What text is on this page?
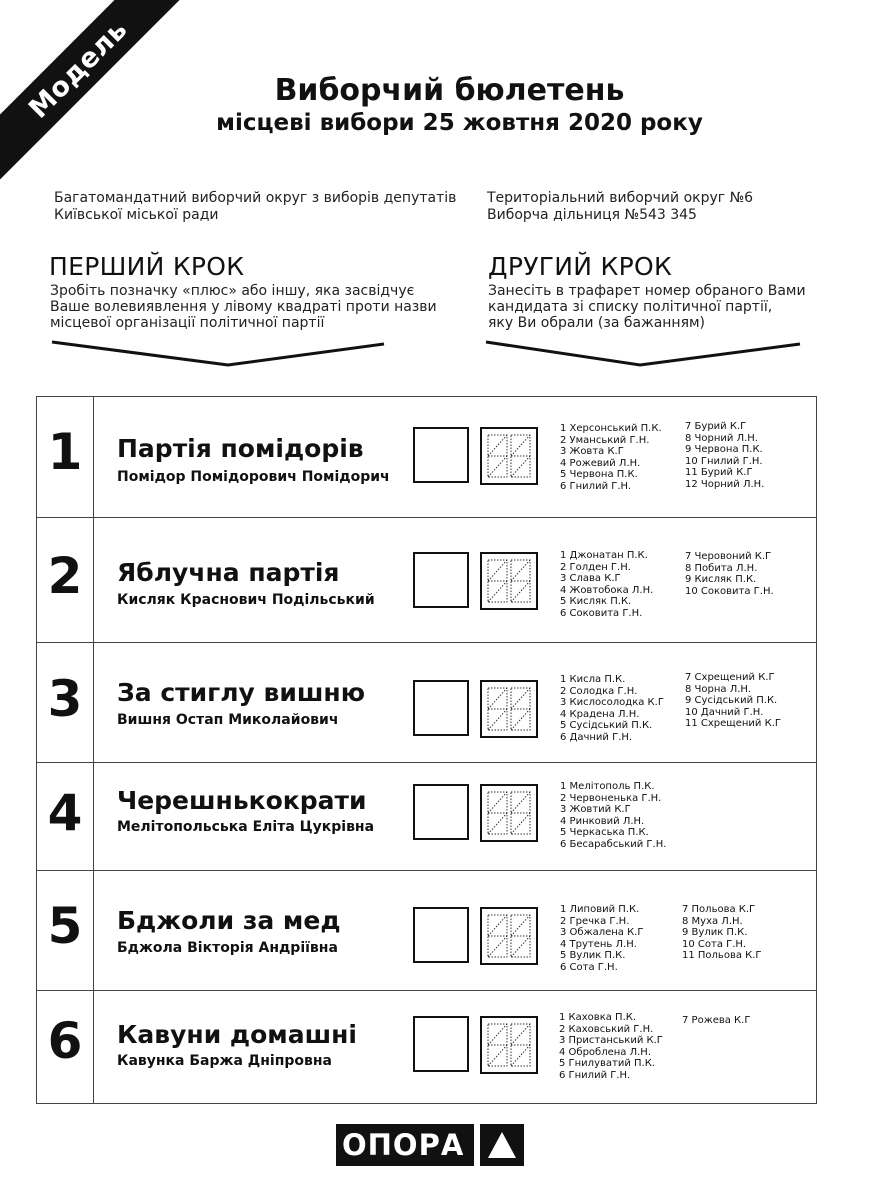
Модель	Виборчий бюлетень
місцеві вибори 25 жовтня 2020 року
Багатомандатний виборчий округ з виборів депутатів
Київської міської ради
Територіальний виборчий округ №6
Виборча дільниця №543 345
ПЕРШИЙ КРОК
Зробіть позначку «плюс» або іншу, яка засвідчує
Ваше волевиявлення у лівому квадраті проти назви
місцевої організації політичної партії
ДРУГИЙ КРОК
Занесіть в трафарет номер обраного Вами
кандидата зі списку політичної партії,
яку Ви обрали (за бажанням)
1	Партія помідорів
Помідор Помідорович Помідорич
1 Херсонський П.К.
2 Уманський Г.Н.
3 Жовта К.Г
4 Рожевий Л.Н.
5 Червона П.К.
6 Гнилий Г.Н.
7 Бурий К.Г
8 Чорний Л.Н.
9 Червона П.К.
10 Гнилий Г.Н.
11 Бурий К.Г
12 Чорний Л.Н.
2	Яблучна партія
Кисляк Краснович Подільський
1 Джонатан П.К.
2 Голден Г.Н.
3 Слава К.Г
4 Жовтобока Л.Н.
5 Кисляк П.К.
6 Соковита Г.Н.
7 Черовоний К.Г
8 Побита Л.Н.
9 Кисляк П.К.
10 Соковита Г.Н.
3	За стиглу вишню
Вишня Остап Миколайович
1 Кисла П.К.
2 Солодка Г.Н.
3 Кислосолодка К.Г
4 Крадена Л.Н.
5 Сусідський П.К.
6 Дачний Г.Н.
7 Схрещений К.Г
8 Чорна Л.Н.
9 Сусідський П.К.
10 Дачний Г.Н.
11 Схрещений К.Г
4	Черешнькократи
Мелітопольська Еліта Цукрівна
1 Мелітополь П.К.
2 Червоненька Г.Н.
3 Жовтий К.Г
4 Ринковий Л.Н.
5 Черкаська П.К.
6 Бесарабський Г.Н.
5	Бджоли за мед
Бджола Вікторія Андріївна
1 Липовий П.К.
2 Гречка Г.Н.
3 Обжалена К.Г
4 Трутень Л.Н.
5 Вулик П.К.
6 Сота Г.Н.
7 Польова К.Г
8 Муха Л.Н.
9 Вулик П.К.
10 Сота Г.Н.
11 Польова К.Г
6	Кавуни домашні
Кавунка Баржа Дніпровна
1 Каховка П.К.
2 Каховський Г.Н.
3 Пристанський К.Г
4 Оброблена Л.Н.
5 Гнилуватий П.К.
6 Гнилий Г.Н.
7 Рожева К.Г
ОПОРА
